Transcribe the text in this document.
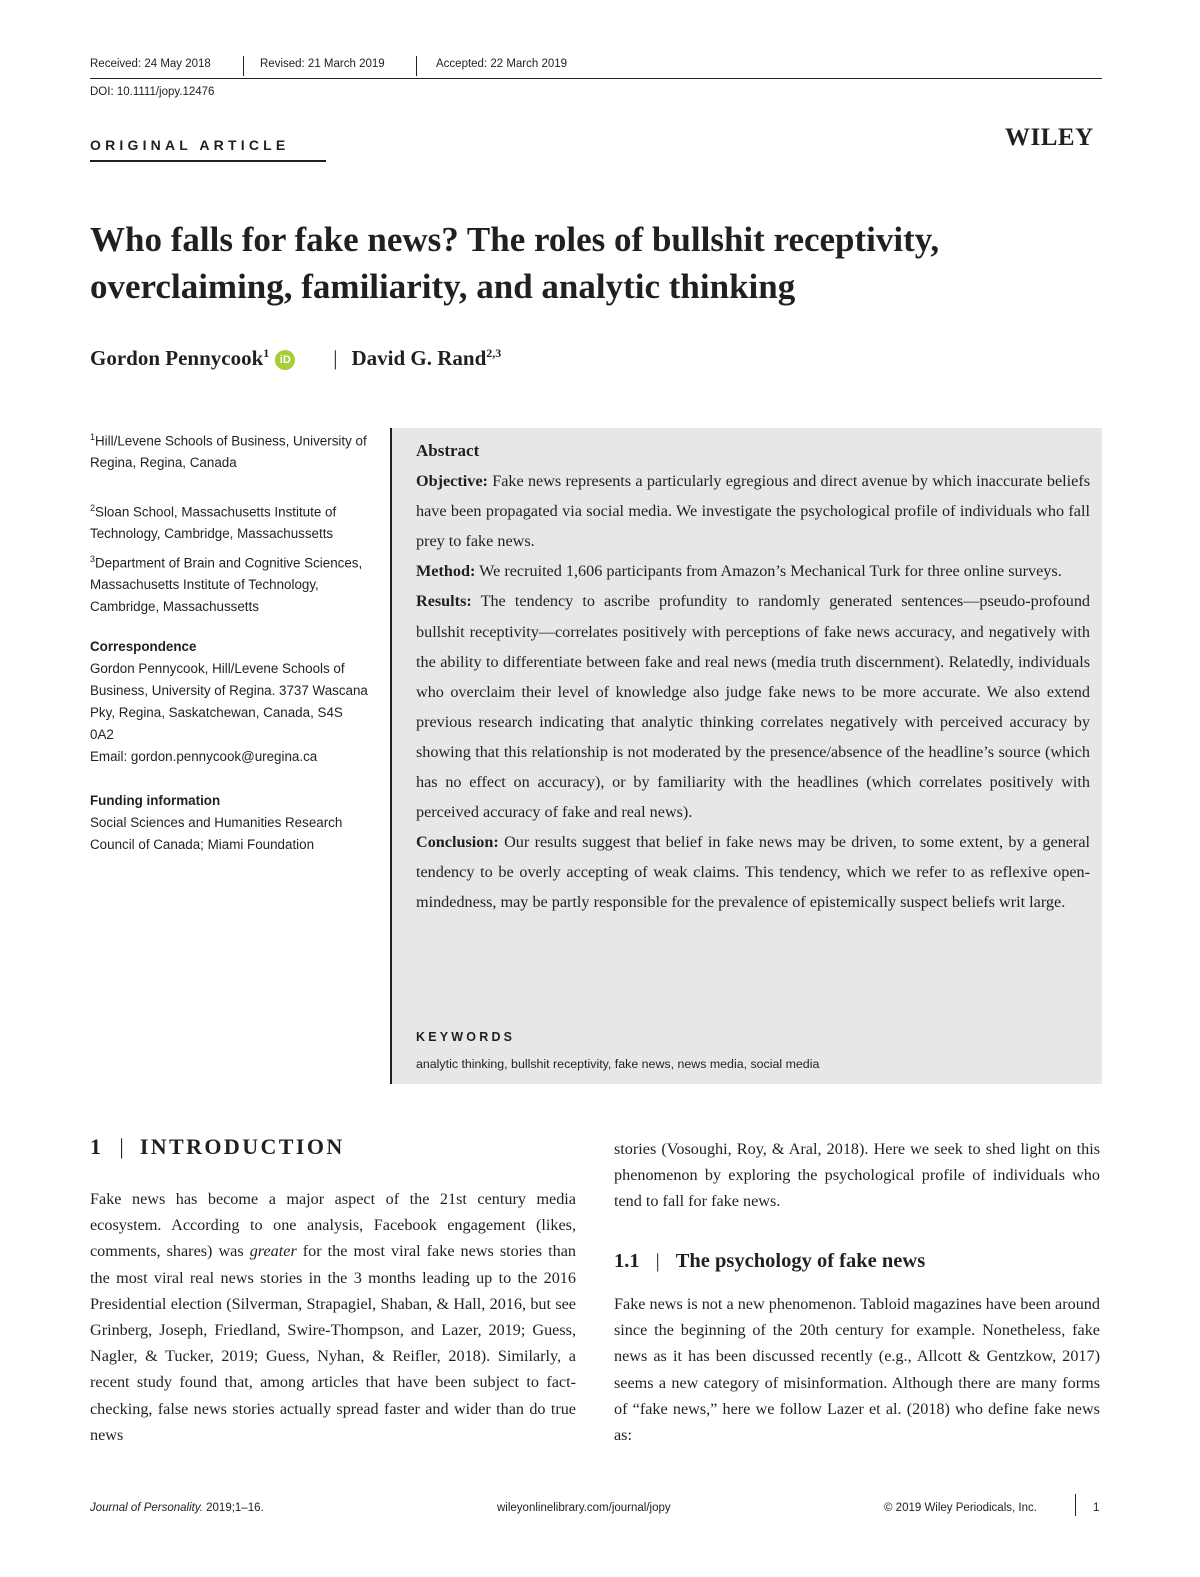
Received: 24 May 2018	Revised: 21 March 2019	Accepted: 22 March 2019
DOI: 10.1111/jopy.12476
ORIGINAL ARTICLE	WILEY
Who falls for fake news? The roles of bullshit receptivity, overclaiming, familiarity, and analytic thinking
Gordon Pennycook$^1$ iD | David G. Rand$^{2,3}$
$^1$Hill/Levene Schools of Business, University of Regina, Regina, Canada
$^2$Sloan School, Massachusetts Institute of Technology, Cambridge, Massachussetts
$^3$Department of Brain and Cognitive Sciences, Massachusetts Institute of Technology, Cambridge, Massachussetts
Correspondence
Gordon Pennycook, Hill/Levene Schools of Business, University of Regina. 3737 Wascana Pky, Regina, Saskatchewan, Canada, S4S 0A2
Email: gordon.pennycook@uregina.ca
Funding information
Social Sciences and Humanities Research Council of Canada; Miami Foundation
Abstract

Objective: Fake news represents a particularly egregious and direct avenue by which inaccurate beliefs have been propagated via social media. We investigate the psychological profile of individuals who fall prey to fake news.

Method: We recruited 1,606 participants from Amazon’s Mechanical Turk for three online surveys.

Results: The tendency to ascribe profundity to randomly generated sentences—pseudo-profound bullshit receptivity—correlates positively with perceptions of fake news accuracy, and negatively with the ability to differentiate between fake and real news (media truth discernment). Relatedly, individuals who overclaim their level of knowledge also judge fake news to be more accurate. We also extend previous research indicating that analytic thinking correlates negatively with perceived accuracy by showing that this relationship is not moderated by the presence/absence of the headline’s source (which has no effect on accuracy), or by familiarity with the headlines (which correlates positively with perceived accuracy of fake and real news).

Conclusion: Our results suggest that belief in fake news may be driven, to some extent, by a general tendency to be overly accepting of weak claims. This tendency, which we refer to as reflexive open-mindedness, may be partly responsible for the prevalence of epistemically suspect beliefs writ large.

KEYWORDS
analytic thinking, bullshit receptivity, fake news, news media, social media
1 | INTRODUCTION

Fake news has become a major aspect of the 21st century media ecosystem. According to one analysis, Facebook engagement (likes, comments, shares) was greater for the most viral fake news stories than the most viral real news stories in the 3 months leading up to the 2016 Presidential election (Silverman, Strapagiel, Shaban, & Hall, 2016, but see Grinberg, Joseph, Friedland, Swire-Thompson, and Lazer, 2019; Guess, Nagler, & Tucker, 2019; Guess, Nyhan, & Reifler, 2018). Similarly, a recent study found that, among articles that have been subject to fact-checking, false news stories actually spread faster and wider than do true news

stories (Vosoughi, Roy, & Aral, 2018). Here we seek to shed light on this phenomenon by exploring the psychological profile of individuals who tend to fall for fake news.

1.1 | The psychology of fake news

Fake news is not a new phenomenon. Tabloid magazines have been around since the beginning of the 20th century for example. Nonetheless, fake news as it has been discussed recently (e.g., Allcott & Gentzkow, 2017) seems a new category of misinformation. Although there are many forms of “fake news,” here we follow Lazer et al. (2018) who define fake news as:

Journal of Personality. 2019;1–16.	wileyonlinelibrary.com/journal/jopy	© 2019 Wiley Periodicals, Inc.	1
